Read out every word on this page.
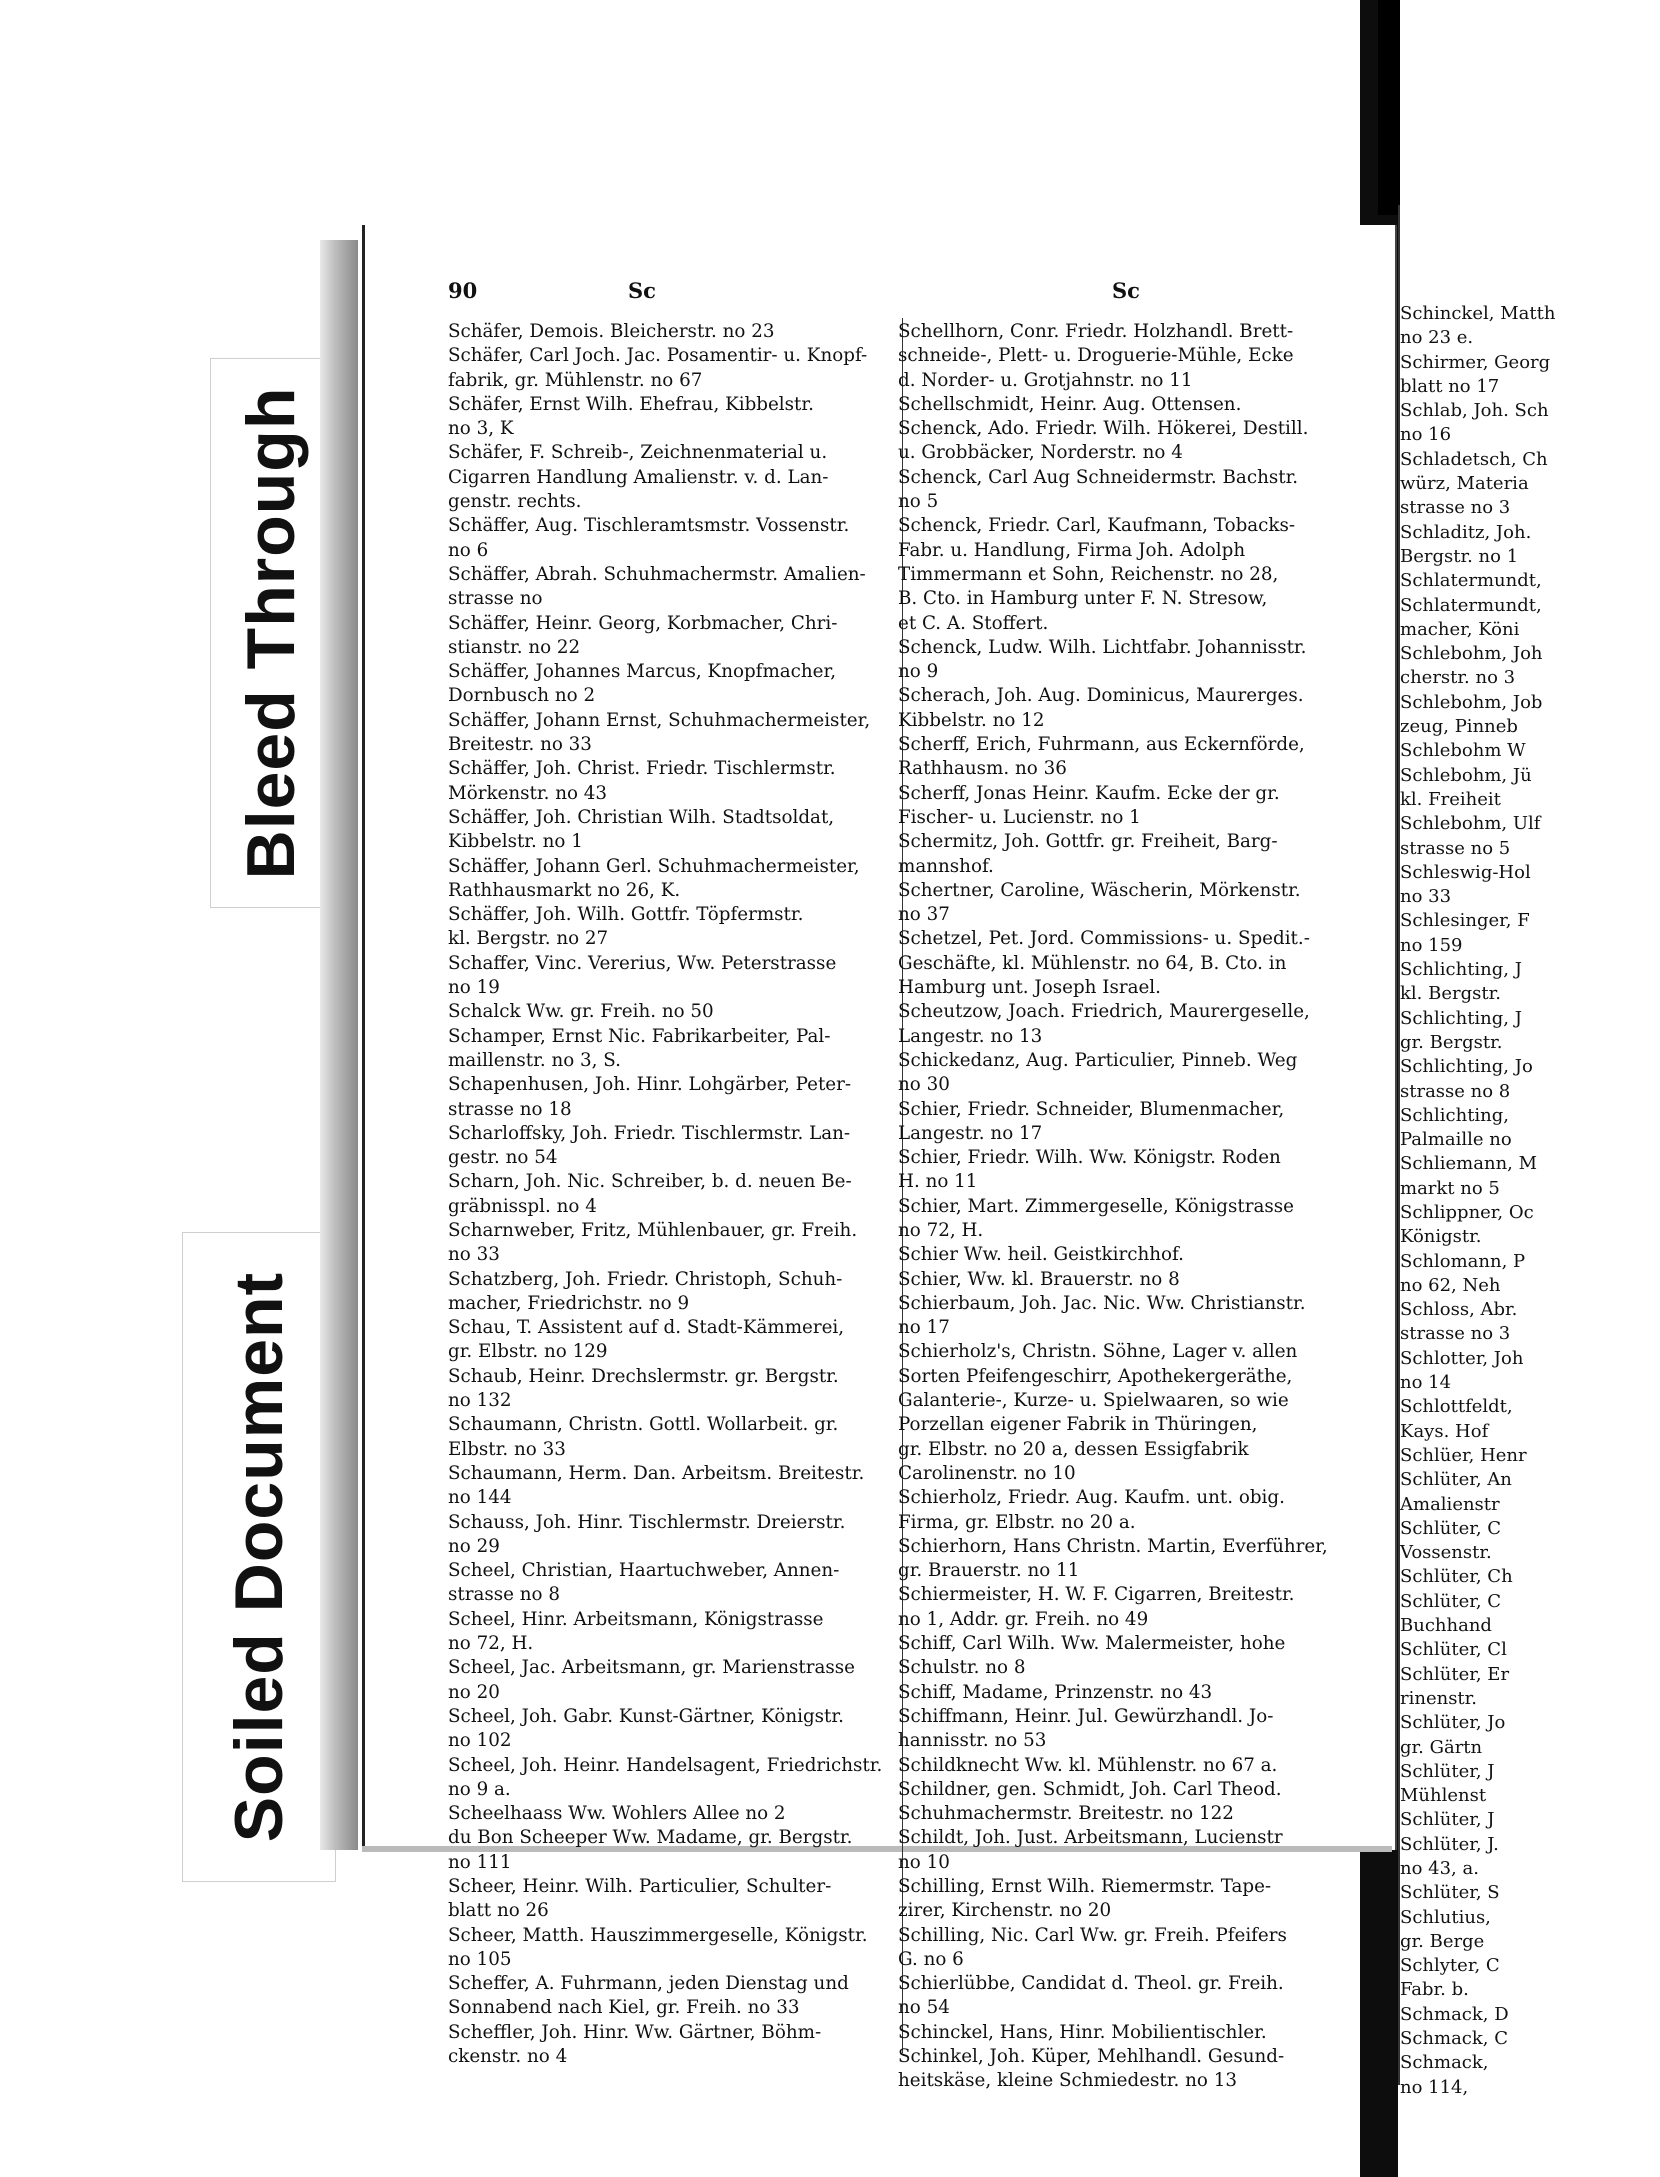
Bleed Through
Soiled Document
90	Sc	Sc

Schäfer, Demois. Bleicherstr. no 23

Schäfer, Carl Joch. Jac. Posamentir- u. Knopf-

fabrik, gr. Mühlenstr. no 67

Schäfer, Ernst Wilh. Ehefrau, Kibbelstr.

no 3, K

Schäfer, F. Schreib-, Zeichnenmaterial u.

Cigarren Handlung Amalienstr. v. d. Lan-

genstr. rechts.

Schäffer, Aug. Tischleramtsmstr. Vossenstr.

no 6

Schäffer, Abrah. Schuhmachermstr. Amalien-

strasse no

Schäffer, Heinr. Georg, Korbmacher, Chri-

stianstr. no 22

Schäffer, Johannes Marcus, Knopfmacher,

Dornbusch no 2

Schäffer, Johann Ernst, Schuhmachermeister,

Breitestr. no 33

Schäffer, Joh. Christ. Friedr. Tischlermstr.

Mörkenstr. no 43

Schäffer, Joh. Christian Wilh. Stadtsoldat,

Kibbelstr. no 1

Schäffer, Johann Gerl. Schuhmachermeister,

Rathhausmarkt no 26, K.

Schäffer, Joh. Wilh. Gottfr. Töpfermstr.

kl. Bergstr. no 27

Schaffer, Vinc. Vererius, Ww. Peterstrasse

no 19

Schalck Ww. gr. Freih. no 50

Schamper, Ernst Nic. Fabrikarbeiter, Pal-

maillenstr. no 3, S.

Schapenhusen, Joh. Hinr. Lohgärber, Peter-

strasse no 18

Scharloffsky, Joh. Friedr. Tischlermstr. Lan-

gestr. no 54

Scharn, Joh. Nic. Schreiber, b. d. neuen Be-

gräbnisspl. no 4

Scharnweber, Fritz, Mühlenbauer, gr. Freih.

no 33

Schatzberg, Joh. Friedr. Christoph, Schuh-

macher, Friedrichstr. no 9

Schau, T. Assistent auf d. Stadt-Kämmerei,

gr. Elbstr. no 129

Schaub, Heinr. Drechslermstr. gr. Bergstr.

no 132

Schaumann, Christn. Gottl. Wollarbeit. gr.

Elbstr. no 33

Schaumann, Herm. Dan. Arbeitsm. Breitestr.

no 144

Schauss, Joh. Hinr. Tischlermstr. Dreierstr.

no 29

Scheel, Christian, Haartuchweber, Annen-

strasse no 8

Scheel, Hinr. Arbeitsmann, Königstrasse

no 72, H.

Scheel, Jac. Arbeitsmann, gr. Marienstrasse

no 20

Scheel, Joh. Gabr. Kunst-Gärtner, Königstr.

no 102

Scheel, Joh. Heinr. Handelsagent, Friedrichstr.

no 9 a.

Scheelhaass Ww. Wohlers Allee no 2

du Bon Scheeper Ww. Madame, gr. Bergstr.

no 111

Scheer, Heinr. Wilh. Particulier, Schulter-

blatt no 26

Scheer, Matth. Hauszimmergeselle, Königstr.

no 105

Scheffer, A. Fuhrmann, jeden Dienstag und

Sonnabend nach Kiel, gr. Freih. no 33

Scheffler, Joh. Hinr. Ww. Gärtner, Böhm-

ckenstr. no 4

Schellhorn, Conr. Friedr. Holzhandl. Brett-

schneide-, Plett- u. Droguerie-Mühle, Ecke

d. Norder- u. Grotjahnstr. no 11

Schellschmidt, Heinr. Aug. Ottensen.

Schenck, Ado. Friedr. Wilh. Hökerei, Destill.

u. Grobbäcker, Norderstr. no 4

Schenck, Carl Aug Schneidermstr. Bachstr.

no 5

Schenck, Friedr. Carl, Kaufmann, Tobacks-

Fabr. u. Handlung, Firma Joh. Adolph

Timmermann et Sohn, Reichenstr. no 28,

B. Cto. in Hamburg unter F. N. Stresow,

et C. A. Stoffert.

Schenck, Ludw. Wilh. Lichtfabr. Johannisstr.

no 9

Scherach, Joh. Aug. Dominicus, Maurerges.

Kibbelstr. no 12

Scherff, Erich, Fuhrmann, aus Eckernförde,

Rathhausm. no 36

Scherff, Jonas Heinr. Kaufm. Ecke der gr.

Fischer- u. Lucienstr. no 1

Schermitz, Joh. Gottfr. gr. Freiheit, Barg-

mannshof.

Schertner, Caroline, Wäscherin, Mörkenstr.

no 37

Schetzel, Pet. Jord. Commissions- u. Spedit.-

Geschäfte, kl. Mühlenstr. no 64, B. Cto. in

Hamburg unt. Joseph Israel.

Scheutzow, Joach. Friedrich, Maurergeselle,

Langestr. no 13

Schickedanz, Aug. Particulier, Pinneb. Weg

no 30

Schier, Friedr. Schneider, Blumenmacher,

Langestr. no 17

Schier, Friedr. Wilh. Ww. Königstr. Roden

H. no 11

Schier, Mart. Zimmergeselle, Königstrasse

no 72, H.

Schier Ww. heil. Geistkirchhof.

Schier, Ww. kl. Brauerstr. no 8

Schierbaum, Joh. Jac. Nic. Ww. Christianstr.

no 17

Schierholz's, Christn. Söhne, Lager v. allen

Sorten Pfeifengeschirr, Apothekergeräthe,

Galanterie-, Kurze- u. Spielwaaren, so wie

Porzellan eigener Fabrik in Thüringen,

gr. Elbstr. no 20 a, dessen Essigfabrik

Carolinenstr. no 10

Schierholz, Friedr. Aug. Kaufm. unt. obig.

Firma, gr. Elbstr. no 20 a.

Schierhorn, Hans Christn. Martin, Everführer,

gr. Brauerstr. no 11

Schiermeister, H. W. F. Cigarren, Breitestr.

no 1, Addr. gr. Freih. no 49

Schiff, Carl Wilh. Ww. Malermeister, hohe

Schulstr. no 8

Schiff, Madame, Prinzenstr. no 43

Schiffmann, Heinr. Jul. Gewürzhandl. Jo-

hannisstr. no 53

Schildknecht Ww. kl. Mühlenstr. no 67 a.

Schildner, gen. Schmidt, Joh. Carl Theod.

Schuhmachermstr. Breitestr. no 122

Schildt, Joh. Just. Arbeitsmann, Lucienstr

no 10

Schilling, Ernst Wilh. Riemermstr. Tape-

zirer, Kirchenstr. no 20

Schilling, Nic. Carl Ww. gr. Freih. Pfeifers

G. no 6

Schierlübbe, Candidat d. Theol. gr. Freih.

no 54

Schinckel, Hans, Hinr. Mobilientischler.

Schinkel, Joh. Küper, Mehlhandl. Gesund-

heitskäse, kleine Schmiedestr. no 13

Schinckel, Matth

no 23 e.

Schirmer, Georg

blatt no 17

Schlab, Joh. Sch

no 16

Schladetsch, Ch

würz, Materia

strasse no 3

Schladitz, Joh.

Bergstr. no 1

Schlatermundt,

Schlatermundt,

macher, Köni

Schlebohm, Joh

cherstr. no 3

Schlebohm, Job

zeug, Pinneb

Schlebohm W

Schlebohm, Jü

kl. Freiheit

Schlebohm, Ulf

strasse no 5

Schleswig-Hol

no 33

Schlesinger, F

no 159

Schlichting, J

kl. Bergstr.

Schlichting, J

gr. Bergstr.

Schlichting, Jo

strasse no 8

Schlichting,

Palmaille no

Schliemann, M

markt no 5

Schlippner, Oc

Königstr.

Schlomann, P

no 62, Neh

Schloss, Abr.

strasse no 3

Schlotter, Joh

no 14

Schlottfeldt,

Kays. Hof

Schlüer, Henr

Schlüter, An

Amalienstr

Schlüter, C

Vossenstr.

Schlüter, Ch

Schlüter, C

Buchhand

Schlüter, Cl

Schlüter, Er

rinenstr.

Schlüter, Jo

gr. Gärtn

Schlüter, J

Mühlenst

Schlüter, J

Schlüter, J.

no 43, a.

Schlüter, S

Schlutius,

gr. Berge

Schlyter, C

Fabr. b.

Schmack, D

Schmack, C

Schmack,

no 114,
